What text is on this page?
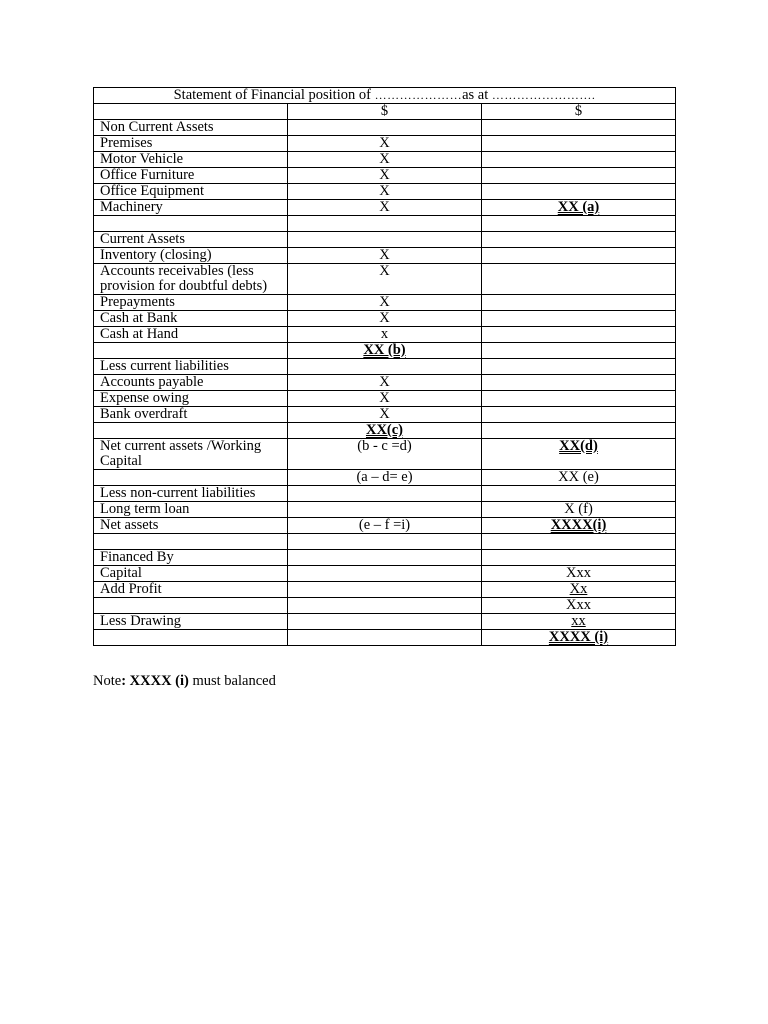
Statement of Financial position of …………………as at …………………….		
	$	$
Non Current Assets		
Premises	X	
Motor Vehicle	X	
Office Furniture	X	
Office Equipment	X	
Machinery	X	XX (a)

Current Assets		
Inventory (closing)	X	
Accounts receivables (less provision for doubtful debts)	X	
Prepayments	X	
Cash at Bank	X	
Cash at Hand	x	
	XX (b)	
Less current liabilities		
Accounts payable	X	
Expense owing	X	
Bank overdraft	X	
	XX(c)	
Net current assets /Working Capital	(b - c =d)	XX(d)
	(a – d= e)	XX (e)
Less non-current liabilities		
Long term loan		X (f)
Net assets	(e – f =i)	XXXX(i)

Financed By		
Capital		Xxx
Add Profit		Xx
		Xxx
Less Drawing		xx
		XXXX (i)
Note: XXXX (i) must balanced
